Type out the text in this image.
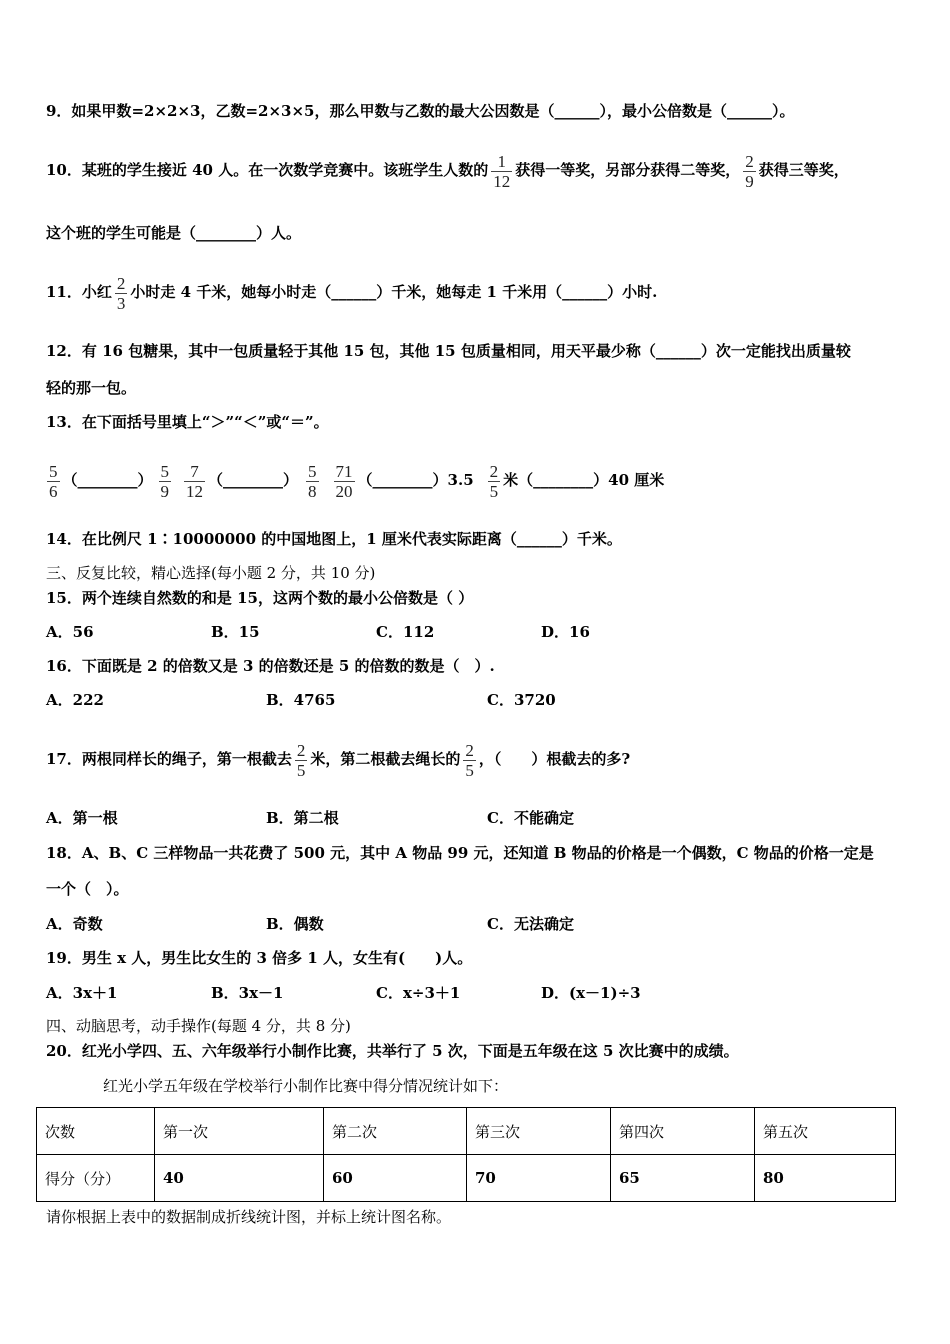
9．如果甲数=2×2×3，乙数=2×3×5，那么甲数与乙数的最大公因数是（______），最小公倍数是（______）。
10．某班的学生接近 40 人。在一次数学竞赛中。该班学生人数的 $\frac{1}{12}$ 获得一等奖，另部分获得二等奖， $\frac{2}{9}$ 获得三等奖，
这个班的学生可能是（________）人。
11．小红 $\frac{2}{3}$ 小时走 4 千米，她每小时走（______）千米，她每走 1 千米用（______）小时.
12．有 16 包糖果，其中一包质量轻于其他 15 包，其他 15 包质量相同，用天平最少称（______）次一定能找出质量较
轻的那一包。
13．在下面括号里填上“＞”“＜”或“＝”。
$\frac{5}{6}$ （________） $\frac{5}{9} \frac{7}{12}$ （________） $\frac{5}{8} \frac{71}{20}$ （________）3.5 $\frac{2}{5}$ 米（________）40 厘米
14．在比例尺 1∶10000000 的中国地图上，1 厘米代表实际距离（______）千米。
三、反复比较，精心选择(每小题 2 分，共 10 分)
15．两个连续自然数的和是 15，这两个数的最小公倍数是（ ）
A．56	B．15	C．112	D．16
16．下面既是 2 的倍数又是 3 的倍数还是 5 的倍数的数是（　）.
A．222	B．4765	C．3720
17．两根同样长的绳子，第一根截去 $\frac{2}{5}$ 米，第二根截去绳长的 $\frac{2}{5}$ ，（　　）根截去的多?
A．第一根	B．第二根	C．不能确定
18．A、B、C 三样物品一共花费了 500 元，其中 A 物品 99 元，还知道 B 物品的价格是一个偶数，C 物品的价格一定是
一个（　）。
A．奇数	B．偶数	C．无法确定
19．男生 x 人，男生比女生的 3 倍多 1 人，女生有(　　)人。
A．3x＋1	B．3x－1	C．x÷3＋1	D．(x－1)÷3
四、动脑思考，动手操作(每题 4 分，共 8 分)
20．红光小学四、五、六年级举行小制作比赛，共举行了 5 次，下面是五年级在这 5 次比赛中的成绩。
红光小学五年级在学校举行小制作比赛中得分情况统计如下：
次数	第一次	第二次	第三次	第四次	第五次
得分（分）	40	60	70	65	80
请你根据上表中的数据制成折线统计图，并标上统计图名称。
